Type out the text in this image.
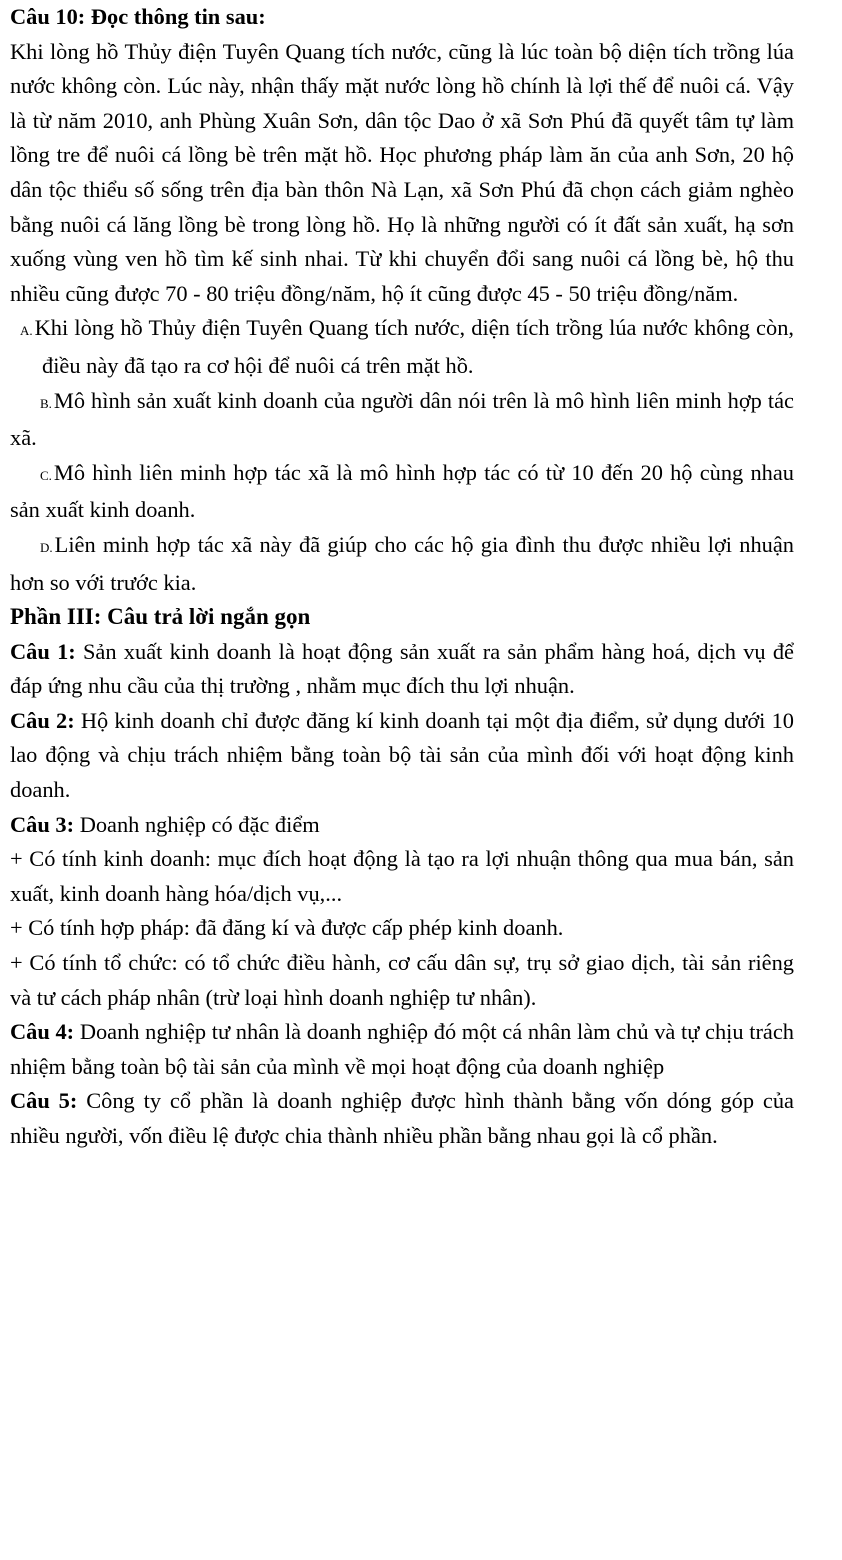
Câu 10: Đọc thông tin sau:

Khi lòng hồ Thủy điện Tuyên Quang tích nước, cũng là lúc toàn bộ diện tích trồng lúa nước không còn. Lúc này, nhận thấy mặt nước lòng hồ chính là lợi thế để nuôi cá. Vậy là từ năm 2010, anh Phùng Xuân Sơn, dân tộc Dao ở xã Sơn Phú đã quyết tâm tự làm lồng tre để nuôi cá lồng bè trên mặt hồ. Học phương pháp làm ăn của anh Sơn, 20 hộ dân tộc thiểu số sống trên địa bàn thôn Nà Lạn, xã Sơn Phú đã chọn cách giảm nghèo bằng nuôi cá lăng lồng bè trong lòng hồ. Họ là những người có ít đất sản xuất, hạ sơn xuống vùng ven hồ tìm kế sinh nhai. Từ khi chuyển đổi sang nuôi cá lồng bè, hộ thu nhiều cũng được 70 - 80 triệu đồng/năm, hộ ít cũng được 45 - 50 triệu đồng/năm.

A.Khi lòng hồ Thủy điện Tuyên Quang tích nước, diện tích trồng lúa nước không còn, điều này đã tạo ra cơ hội để nuôi cá trên mặt hồ.

B.Mô hình sản xuất kinh doanh của người dân nói trên là mô hình liên minh hợp tác xã.

C.Mô hình liên minh hợp tác xã là mô hình hợp tác có từ 10 đến 20 hộ cùng nhau sản xuất kinh doanh.

D.Liên minh hợp tác xã này đã giúp cho các hộ gia đình thu được nhiều lợi nhuận hơn so với trước kia.

Phần III: Câu trả lời ngắn gọn

Câu 1: Sản xuất kinh doanh là hoạt động sản xuất ra sản phẩm hàng hoá, dịch vụ để đáp ứng nhu cầu của thị trường , nhằm mục đích thu lợi nhuận.

Câu 2: Hộ kinh doanh chỉ được đăng kí kinh doanh tại một địa điểm, sử dụng dưới 10 lao động và chịu trách nhiệm bằng toàn bộ tài sản của mình đối với hoạt động kinh doanh.

Câu 3: Doanh nghiệp có đặc điểm

+ Có tính kinh doanh: mục đích hoạt động là tạo ra lợi nhuận thông qua mua bán, sản xuất, kinh doanh hàng hóa/dịch vụ,...

+ Có tính hợp pháp: đã đăng kí và được cấp phép kinh doanh.

+ Có tính tổ chức: có tổ chức điều hành, cơ cấu dân sự, trụ sở giao dịch, tài sản riêng và tư cách pháp nhân (trừ loại hình doanh nghiệp tư nhân).

Câu 4: Doanh nghiệp tư nhân là doanh nghiệp đó một cá nhân làm chủ và tự chịu trách nhiệm bằng toàn bộ tài sản của mình về mọi hoạt động của doanh nghiệp

Câu 5: Công ty cổ phần là doanh nghiệp được hình thành bằng vốn dóng góp của nhiều người, vốn điều lệ được chia thành nhiều phần bằng nhau gọi là cổ phần.
